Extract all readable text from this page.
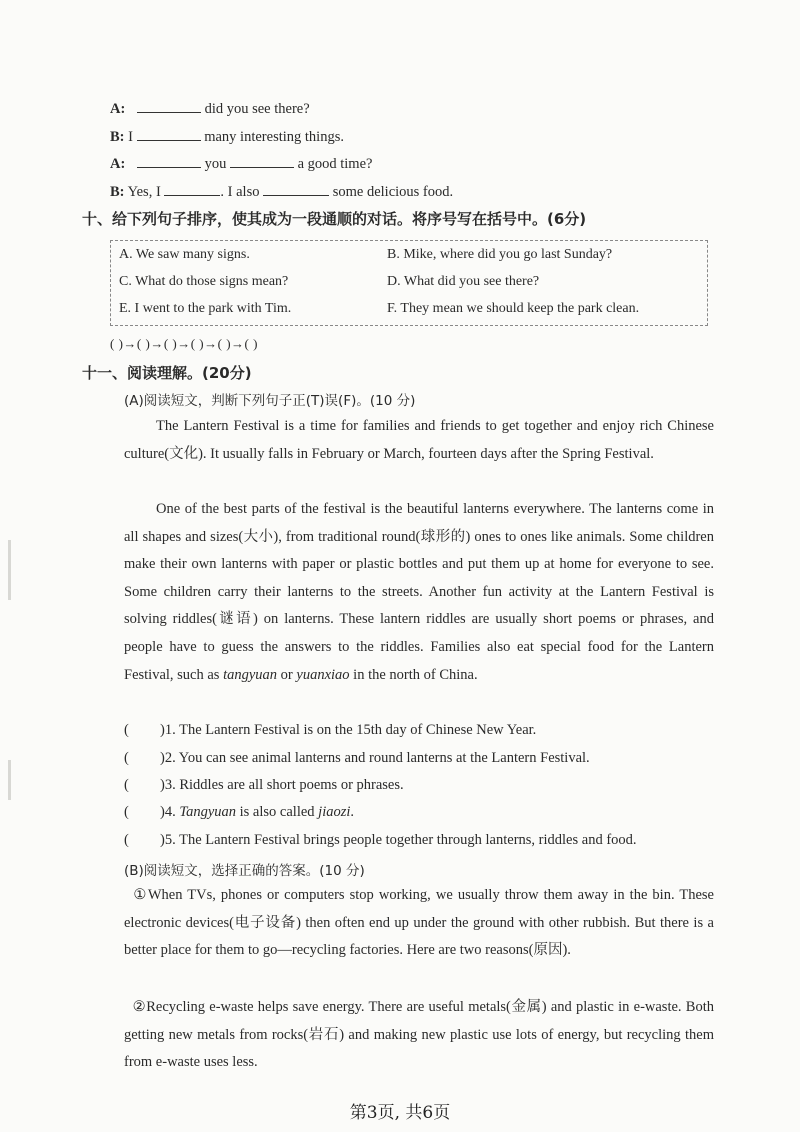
A:	did you see there?
B: I	many interesting things.
A:	you	a good time?
B: Yes, I	. I also	some delicious food.
十、给下列句子排序，使其成为一段通顺的对话。将序号写在括号中。(6分)
A. We saw many signs.	B. Mike, where did you go last Sunday?
C. What do those signs mean?	D. What did you see there?
E. I went to the park with Tim.	F. They mean we should keep the park clean.
( )→( )→( )→( )→( )→( )
十一、阅读理解。(20分)
(A)阅读短文，判断下列句子正(T)误(F)。(10 分)
The Lantern Festival is a time for families and friends to get together and enjoy rich Chinese culture(文化). It usually falls in February or March, fourteen days after the Spring Festival.
One of the best parts of the festival is the beautiful lanterns everywhere. The lanterns come in all shapes and sizes(大小), from traditional round(球形的) ones to ones like animals. Some children make their own lanterns with paper or plastic bottles and put them up at home for everyone to see. Some children carry their lanterns to the streets. Another fun activity at the Lantern Festival is solving riddles(谜语) on lanterns. These lantern riddles are usually short poems or phrases, and people have to guess the answers to the riddles. Families also eat special food for the Lantern Festival, such as tangyuan or yuanxiao in the north of China.
( )1. The Lantern Festival is on the 15th day of Chinese New Year.
( )2. You can see animal lanterns and round lanterns at the Lantern Festival.
( )3. Riddles are all short poems or phrases.
( )4. Tangyuan is also called jiaozi.
( )5. The Lantern Festival brings people together through lanterns, riddles and food.
(B)阅读短文，选择正确的答案。(10 分)
①When TVs, phones or computers stop working, we usually throw them away in the bin. These electronic devices(电子设备) then often end up under the ground with other rubbish. But there is a better place for them to go—recycling factories. Here are two reasons(原因).
②Recycling e-waste helps save energy. There are useful metals(金属) and plastic in e-waste. Both getting new metals from rocks(岩石) and making new plastic use lots of energy, but recycling them from e-waste uses less.
第3页, 共6页
